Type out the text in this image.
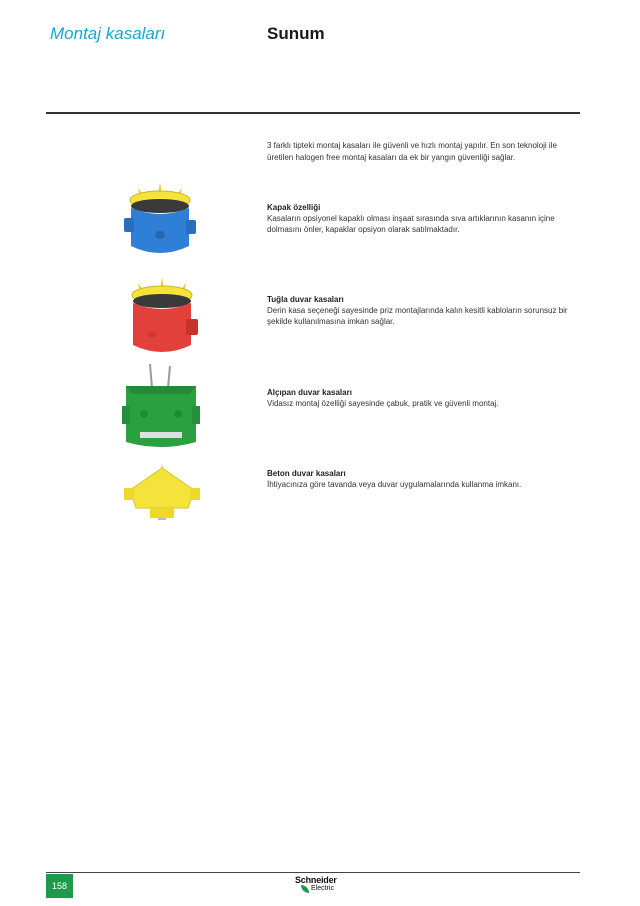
Montaj kasaları	Sunum
3 farklı tipteki montaj kasaları ile güvenli ve hızlı montaj yapılır. En son teknoloji ile üretilen halogen free montaj kasaları da ek bir yangın güvenliği sağlar.
Kapak özelliği
Kasaların opsiyonel kapaklı olması inşaat sırasında sıva artıklarının kasanın içine dolmasını önler, kapaklar opsiyon olarak satılmaktadır.
Tuğla duvar kasaları
Derin kasa seçeneği sayesinde priz montajlarında kalın kesitli kabloların sorunsuz bir şekilde kullanılmasına imkan sağlar.
Alçıpan duvar kasaları
Vidasız montaj özelliği sayesinde çabuk, pratik ve güvenli montaj.
Beton duvar kasaları
İhtiyacınıza göre tavanda veya duvar uygulamalarında kullanma imkanı.
158
Schneider
Electric
